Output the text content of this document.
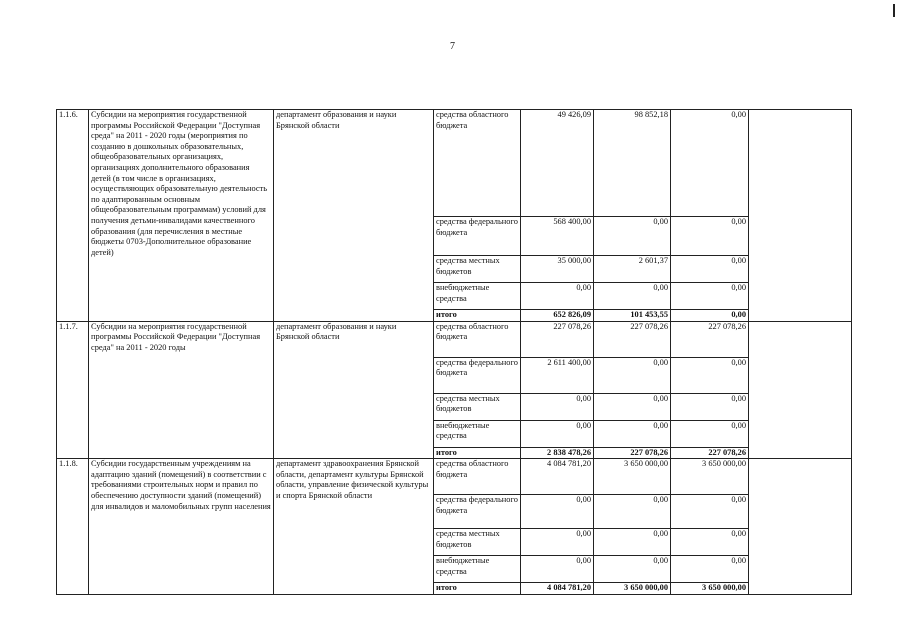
7
1.1.6.	Субсидии на мероприятия государственной программы Российской Федерации "Доступная среда" на 2011 - 2020 годы (мероприятия по созданию в дошкольных образовательных, общеобразовательных организациях, организациях дополнительного образования детей (в том числе в организациях, осуществляющих образовательную деятельность по адаптированным основным общеобразовательным программам) условий для получения детьми-инвалидами качественного образования (для перечисления в местные бюджеты 0703-Дополнительное образование детей)	департамент образования и науки Брянской области	средства областного бюджета	49 426,09	98 852,18	0,00	
			средства федерального бюджета	568 400,00	0,00	0,00	
			средства местных бюджетов	35 000,00	2 601,37	0,00	
			внебюджетные средства	0,00	0,00	0,00	
			итого	652 826,09	101 453,55	0,00	
1.1.7.	Субсидии на мероприятия государственной программы Российской Федерации "Доступная среда" на 2011 - 2020 годы	департамент образования и науки Брянской области	средства областного бюджета	227 078,26	227 078,26	227 078,26	
			средства федерального бюджета	2 611 400,00	0,00	0,00	
			средства местных бюджетов	0,00	0,00	0,00	
			внебюджетные средства	0,00	0,00	0,00	
			итого	2 838 478,26	227 078,26	227 078,26	
1.1.8.	Субсидии государственным учреждениям на адаптацию зданий (помещений) в соответствии с требованиями строительных норм и правил по обеспечению доступности зданий (помещений) для инвалидов и маломобильных групп населения	департамент здравоохранения Брянской области, департамент культуры Брянской области, управление физической культуры и спорта Брянской области	средства областного бюджета	4 084 781,20	3 650 000,00	3 650 000,00	
			средства федерального бюджета	0,00	0,00	0,00	
			средства местных бюджетов	0,00	0,00	0,00	
			внебюджетные средства	0,00	0,00	0,00	
			итого	4 084 781,20	3 650 000,00	3 650 000,00	
